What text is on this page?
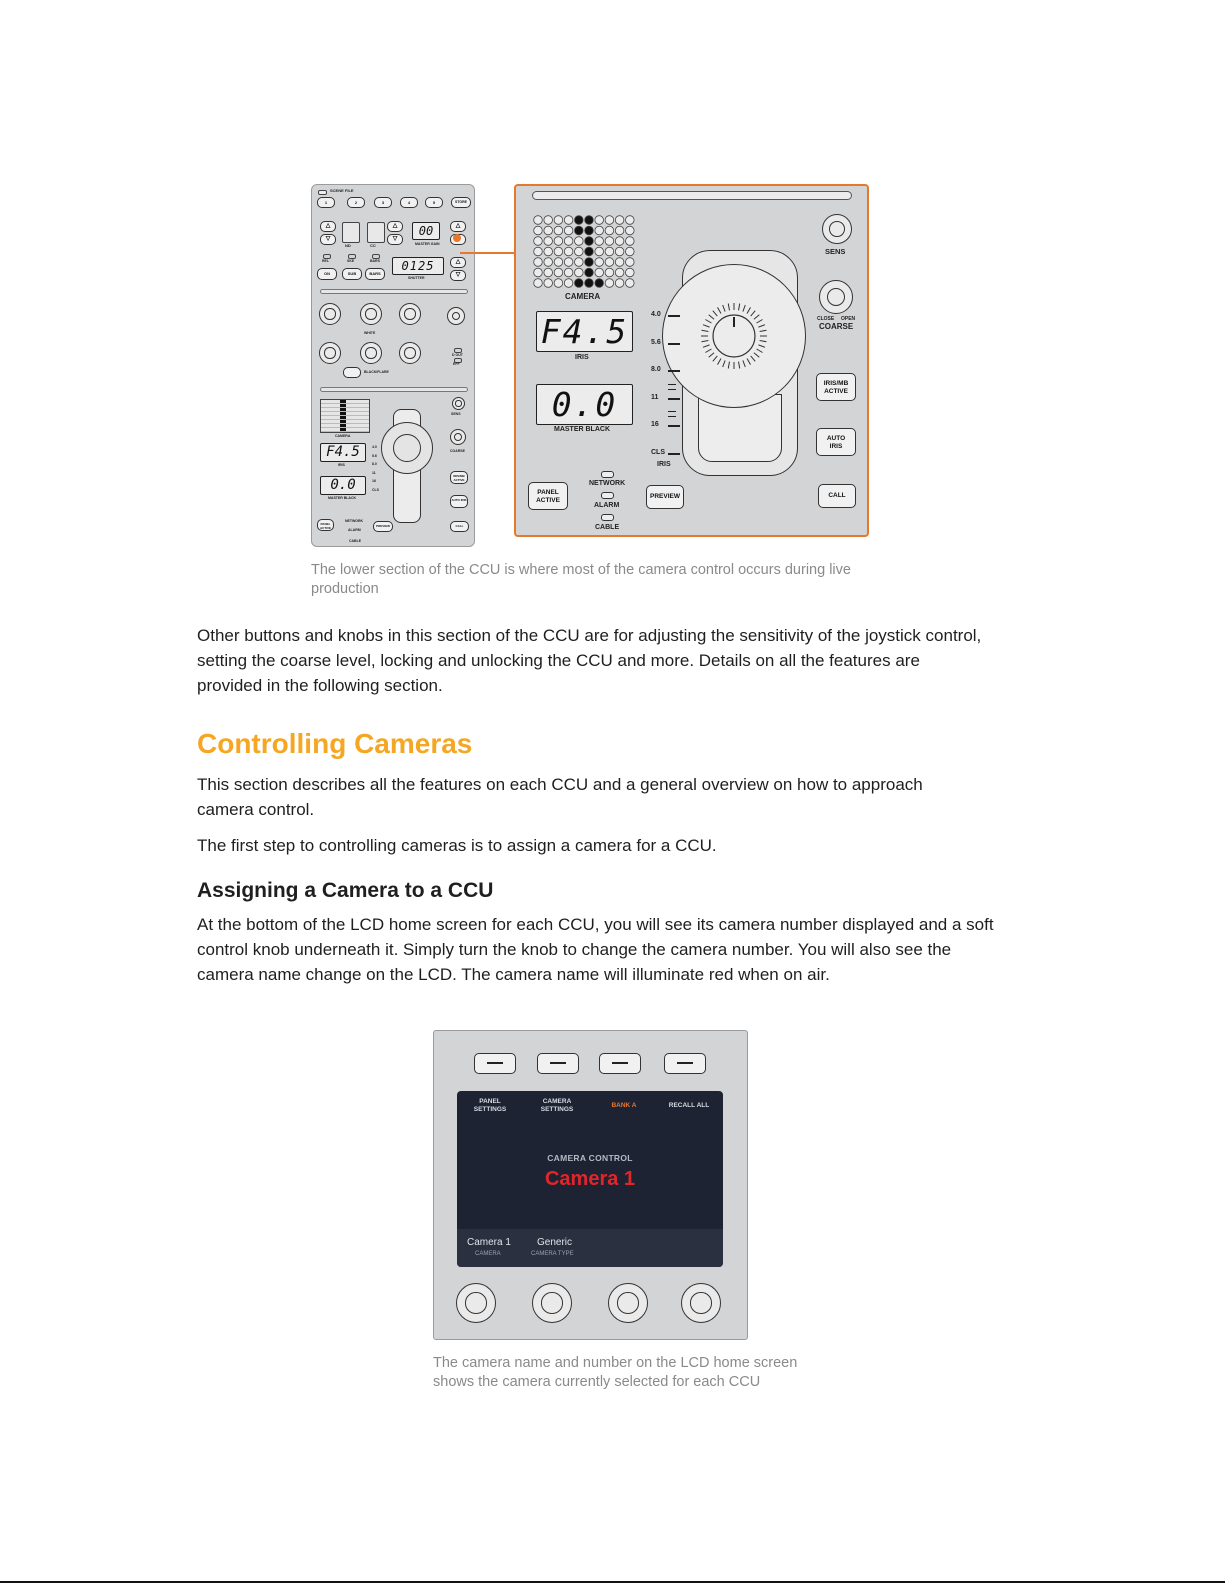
SCENE FILE
1	2	3	4	5	STORE
△
▽
ND	CC
△
▽
00
MASTER GAIN
△
REL	SKE	BARS
ON	SUB	BARS
0125
SHUTTER
△
▽
WHITE
BLACK/FLARE
D OUT
EFF
CAMERA
SENS
F4.5
IRIS
0.0
MASTER BLACK
4.0
5.6
8.0
11
16
CLS
COARSE
IRIS/MB ACTIVE
AUTO IRIS
PANEL ACTIVE
NETWORK
ALARM
CABLE
PREVIEW	CALL
CAMERA
F4.5
IRIS
0.0
MASTER BLACK
4.0
5.6
8.0
11
16
CLS
IRIS
SENS
CLOSE OPEN
COARSE
IRIS/MB ACTIVE
AUTO IRIS
CALL
PANEL ACTIVE
NETWORK
ALARM
CABLE
PREVIEW
The lower section of the CCU is where most of the camera control occurs during live production

Other buttons and knobs in this section of the CCU are for adjusting the sensitivity of the joystick control, setting the coarse level, locking and unlocking the CCU and more. Details on all the features are provided in the following section.

Controlling Cameras

This section describes all the features on each CCU and a general overview on how to approach camera control.

The first step to controlling cameras is to assign a camera for a CCU.

Assigning a Camera to a CCU

At the bottom of the LCD home screen for each CCU, you will see its camera number displayed and a soft control knob underneath it. Simply turn the knob to change the camera number. You will also see the camera name change on the LCD. The camera name will illuminate red when on air.

PANEL SETTINGS
CAMERA SETTINGS
BANK A	RECALL ALL
CAMERA CONTROL
Camera 1
Camera 1
CAMERA
Generic
CAMERA TYPE
The camera name and number on the LCD home screen shows the camera currently selected for each CCU
